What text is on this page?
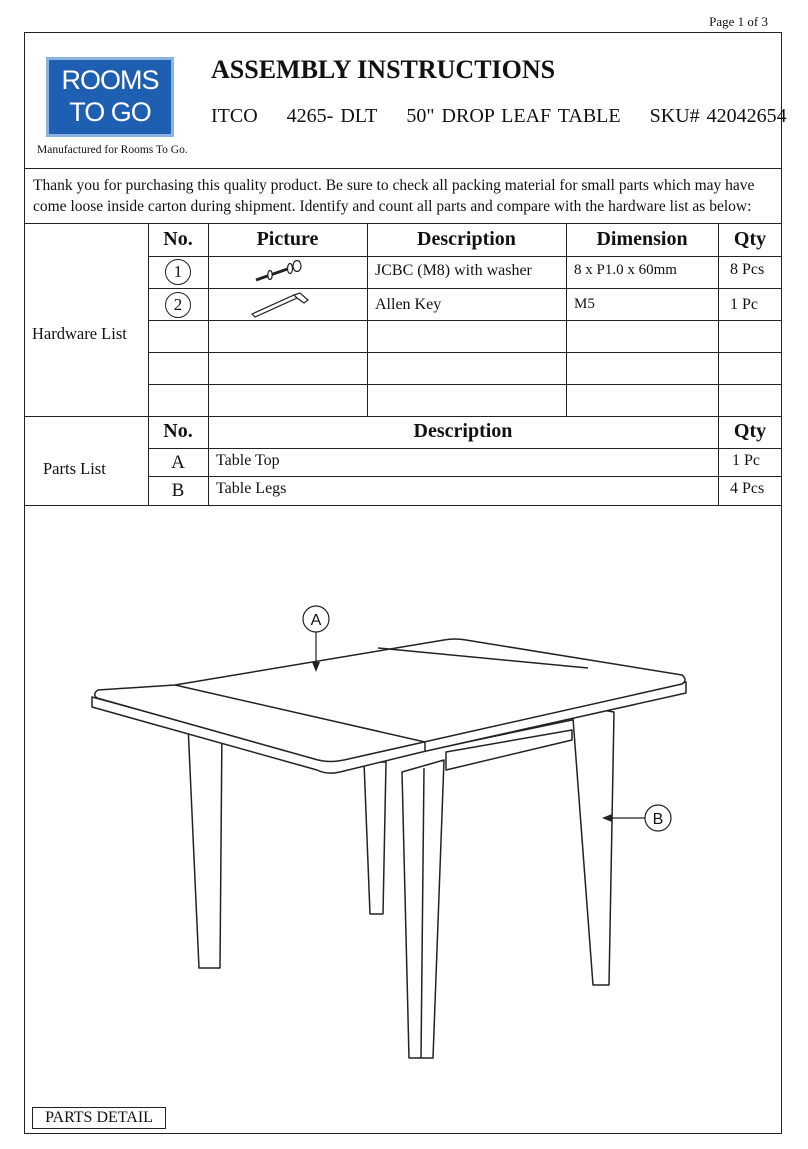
Page 1 of 3
ROOMS
TO GO
Manufactured for Rooms To Go.
ASSEMBLY INSTRUCTIONS
ITCO 4265- DLT 50" DROP LEAF TABLE SKU# 42042654
Thank you for purchasing this quality product. Be sure to check all packing material for small parts which may have come loose inside carton during shipment. Identify and count all parts and compare with the hardware list as below:
Hardware List
No.	Picture	Description	Dimension	Qty
1	JCBC (M8) with washer	8 x P1.0 x 60mm	8 Pcs
2	Allen Key	M5	1 Pc
Parts List
No.	Description	Qty
A	Table Top	1 Pc
B	Table Legs	4 Pcs
A
B
PARTS DETAIL
